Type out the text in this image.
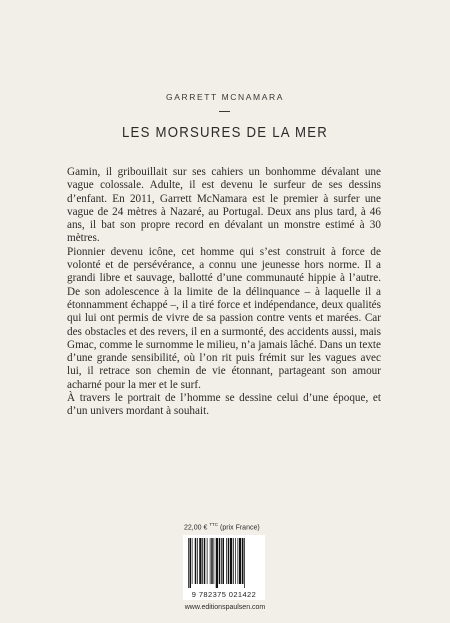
GARRETT MCNAMARA
LES MORSURES DE LA MER

Gamin, il gribouillait sur ses cahiers un bonhomme dévalant une vague colossale. Adulte, il est devenu le surfeur de ses dessins d’enfant. En 2011, Garrett McNamara est le premier à surfer une vague de 24 mètres à Nazaré, au Portugal. Deux ans plus tard, à 46 ans, il bat son propre record en dévalant un monstre estimé à 30 mètres.

Pionnier devenu icône, cet homme qui s’est construit à force de volonté et de persévérance, a connu une jeunesse hors norme. Il a grandi libre et sauvage, ballotté d’une communauté hippie à l’autre. De son adolescence à la limite de la délinquance – à laquelle il a étonnamment échappé –, il a tiré force et indépendance, deux qualités qui lui ont permis de vivre de sa passion contre vents et marées. Car des obstacles et des revers, il en a surmonté, des accidents aussi, mais Gmac, comme le surnomme le milieu, n’a jamais lâché. Dans un texte d’une grande sensibilité, où l’on rit puis frémit sur les vagues avec lui, il retrace son chemin de vie étonnant, partageant son amour acharné pour la mer et le surf.

À travers le portrait de l’homme se dessine celui d’une époque, et d’un univers mordant à souhait.

22,00 € $^{TTC}$ (prix France)
9 782375 021422
www.editionspaulsen.com
